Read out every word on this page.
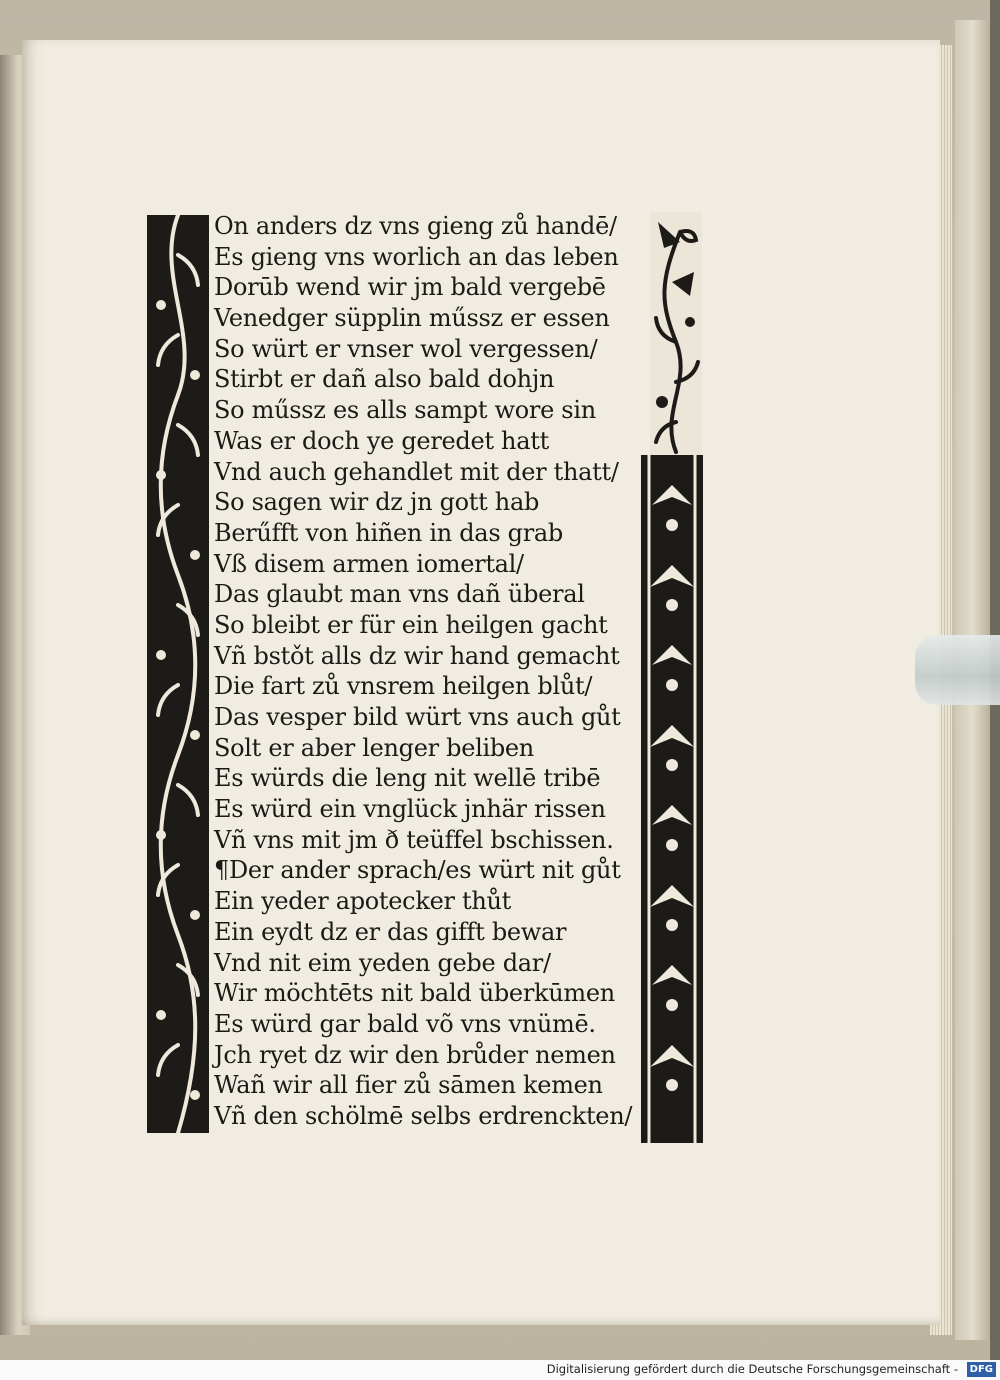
On anders dz vns gieng zů handē/
Es gieng vns worlich an das leben
Dorūb wend wir jm bald vergebē
Venedger süpplin műssz er essen
So würt er vnser wol vergessen/
Stirbt er dañ also bald dohjn
So műssz es alls sampt wore sin
Was er doch ye geredet hatt
Vnd auch gehandlet mit der thatt/
So sagen wir dz jn gott hab
Berűfft von hiñen in das grab
Vß disem armen iomertal/
Das glaubt man vns dañ überal
So bleibt er für ein heilgen gacht
Vñ bstǒt alls dz wir hand gemacht
Die fart zů vnsrem heilgen blůt/
Das vesper bild würt vns auch gůt
Solt er aber lenger beliben
Es würds die leng nit wellē tribē
Es würd ein vnglück jnhär rissen
Vñ vns mit jm ð teüffel bschissen.
¶Der ander sprach/es würt nit gůt
Ein yeder apotecker thůt
Ein eydt dz er das gifft bewar
Vnd nit eim yeden gebe dar/
Wir möchtēts nit bald überkūmen
Es würd gar bald võ vns vnümē.
Jch ryet dz wir den brůder nemen
Wañ wir all fier zů sāmen kemen
Vñ den schölmē selbs erdrenckten/
Digitalisierung gefördert durch die Deutsche Forschungsgemeinschaft -	DFG
